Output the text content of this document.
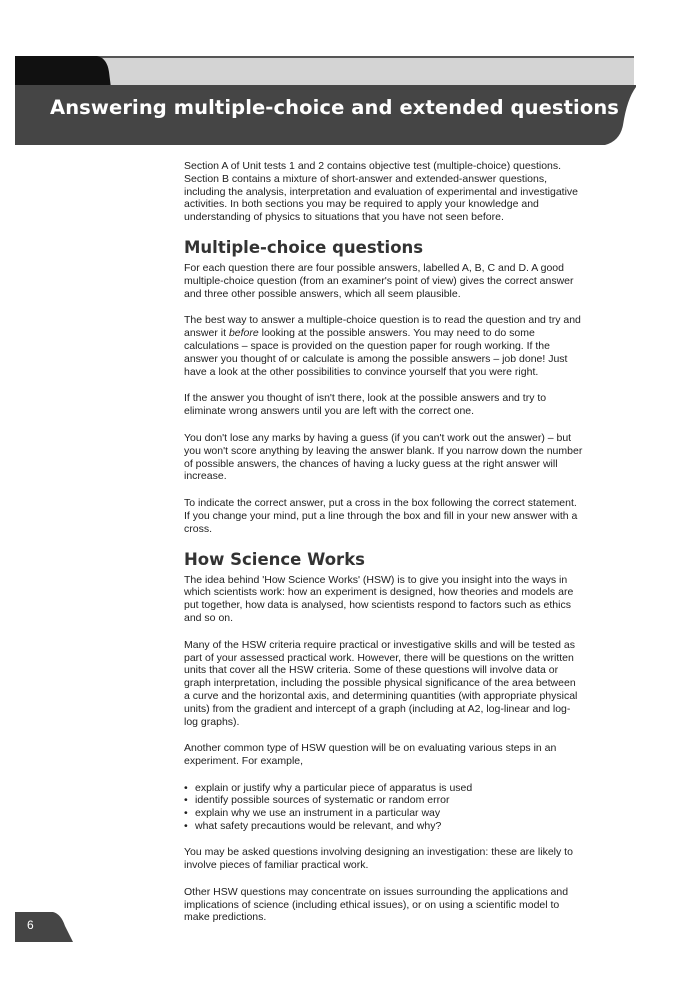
Answering multiple-choice and extended questions

Section A of Unit tests 1 and 2 contains objective test (multiple-choice) questions. Section B contains a mixture of short-answer and extended-answer questions, including the analysis, interpretation and evaluation of experimental and investigative activities. In both sections you may be required to apply your knowledge and understanding of physics to situations that you have not seen before.

Multiple-choice questions

For each question there are four possible answers, labelled A, B, C and D. A good multiple-choice question (from an examiner's point of view) gives the correct answer and three other possible answers, which all seem plausible.

The best way to answer a multiple-choice question is to read the question and try and answer it before looking at the possible answers. You may need to do some calculations – space is provided on the question paper for rough working. If the answer you thought of or calculate is among the possible answers – job done! Just have a look at the other possibilities to convince yourself that you were right.

If the answer you thought of isn't there, look at the possible answers and try to eliminate wrong answers until you are left with the correct one.

You don't lose any marks by having a guess (if you can't work out the answer) – but you won't score anything by leaving the answer blank. If you narrow down the number of possible answers, the chances of having a lucky guess at the right answer will increase.

To indicate the correct answer, put a cross in the box following the correct statement. If you change your mind, put a line through the box and fill in your new answer with a cross.

How Science Works

The idea behind 'How Science Works' (HSW) is to give you insight into the ways in which scientists work: how an experiment is designed, how theories and models are put together, how data is analysed, how scientists respond to factors such as ethics and so on.

Many of the HSW criteria require practical or investigative skills and will be tested as part of your assessed practical work. However, there will be questions on the written units that cover all the HSW criteria. Some of these questions will involve data or graph interpretation, including the possible physical significance of the area between a curve and the horizontal axis, and determining quantities (with appropriate physical units) from the gradient and intercept of a graph (including at A2, log-linear and log-log graphs).

Another common type of HSW question will be on evaluating various steps in an experiment. For example,

• explain or justify why a particular piece of apparatus is used
• identify possible sources of systematic or random error
• explain why we use an instrument in a particular way
• what safety precautions would be relevant, and why?

You may be asked questions involving designing an investigation: these are likely to involve pieces of familiar practical work.

Other HSW questions may concentrate on issues surrounding the applications and implications of science (including ethical issues), or on using a scientific model to make predictions.

6
